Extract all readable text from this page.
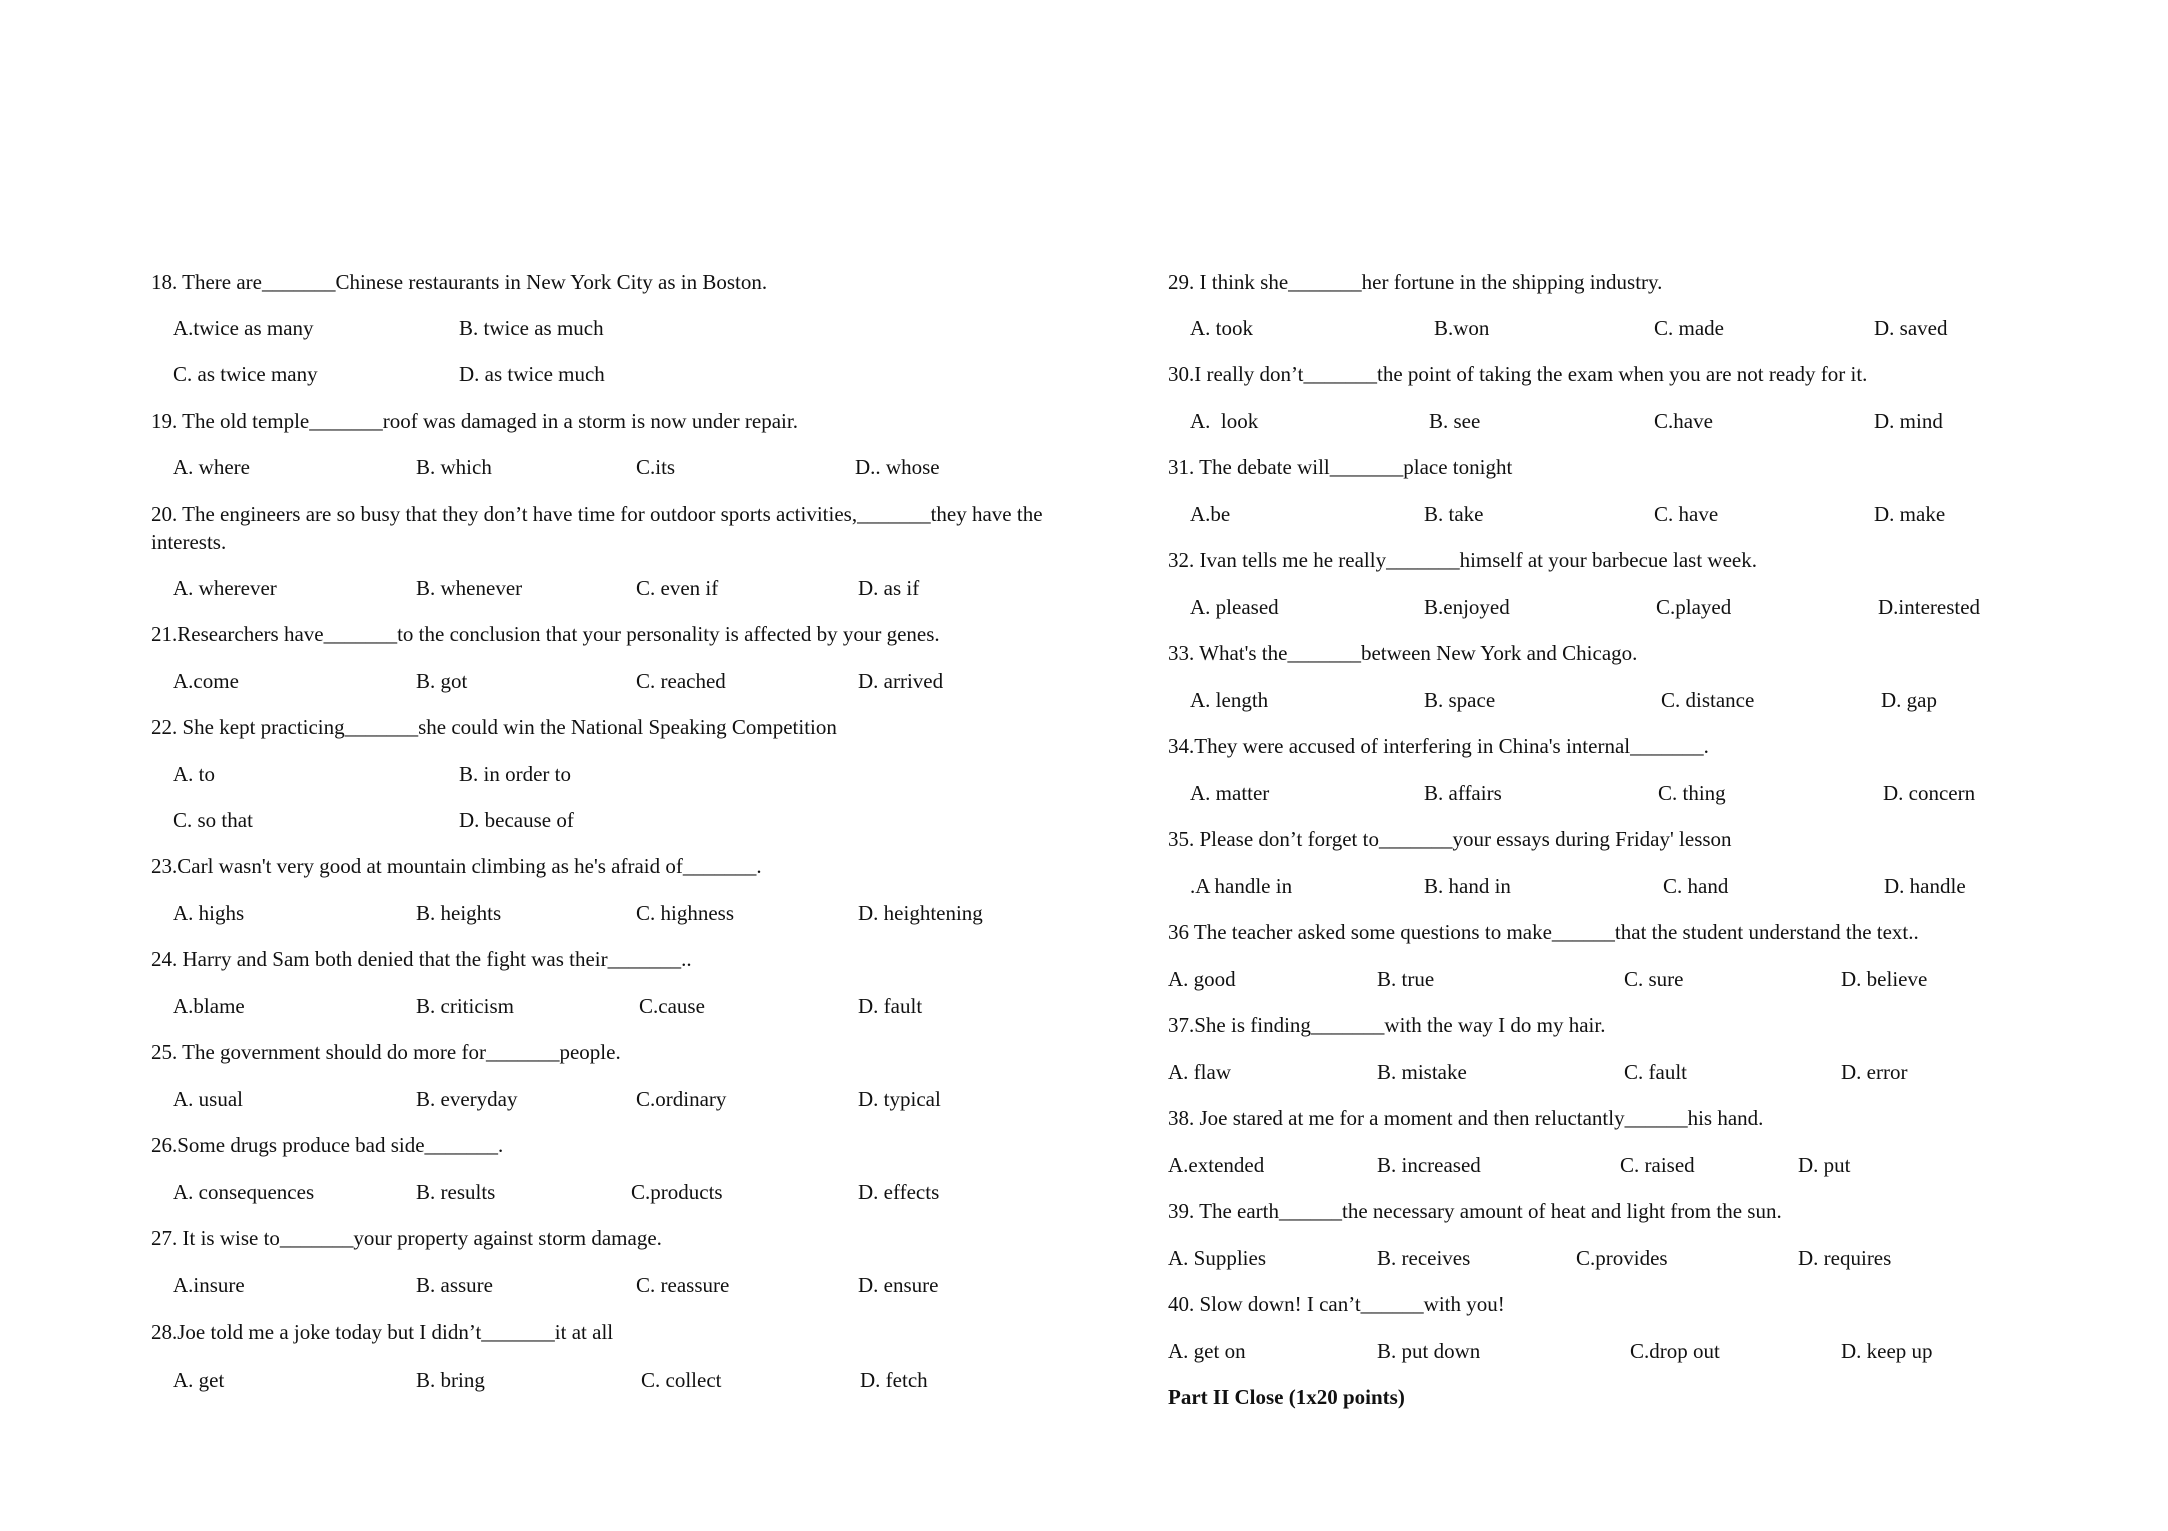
18. There are_______Chinese restaurants in New York City as in Boston.
A.twice as many	B. twice as much
C. as twice many	D. as twice much
19. The old temple_______roof was damaged in a storm is now under repair.
A. where	B. which	C.its	D.. whose
20. The engineers are so busy that they don’t have time for outdoor sports activities,_______they have the interests.
A. wherever	B. whenever	C. even if	D. as if
21.Researchers have_______to the conclusion that your personality is affected by your genes.
A.come	B. got	C. reached	D. arrived
22. She kept practicing_______she could win the National Speaking Competition
A. to	B. in order to
C. so that	D. because of
23.Carl wasn't very good at mountain climbing as he's afraid of_______.
A. highs	B. heights	C. highness	D. heightening
24. Harry and Sam both denied that the fight was their_______..
A.blame	B. criticism	C.cause	D. fault
25. The government should do more for_______people.
A. usual	B. everyday	C.ordinary	D. typical
26.Some drugs produce bad side_______.
A. consequences	B. results	C.products	D. effects
27. It is wise to_______your property against storm damage.
A.insure	B. assure	C. reassure	D. ensure
28.Joe told me a joke today but I didn’t_______it at all
A. get	B. bring	C. collect	D. fetch
29. I think she_______her fortune in the shipping industry.
A. took	B.won	C. made	D. saved
30.I really don’t_______the point of taking the exam when you are not ready for it.
A.  look	B. see	C.have	D. mind
31. The debate will_______place tonight
A.be	B. take	C. have	D. make
32. Ivan tells me he really_______himself at your barbecue last week.
A. pleased	B.enjoyed	C.played	D.interested
33. What's the_______between New York and Chicago.
A. length	B. space	C. distance	D. gap
34.They were accused of interfering in China's internal_______.
A. matter	B. affairs	C. thing	D. concern
35. Please don’t forget to_______your essays during Friday' lesson
.A handle in	B. hand in	C. hand	D. handle
36 The teacher asked some questions to make______that the student understand the text..
A. good	B. true	C. sure	D. believe
37.She is finding_______with the way I do my hair.
A. flaw	B. mistake	C. fault	D. error
38. Joe stared at me for a moment and then reluctantly______his hand.
A.extended	B. increased	C. raised	D. put
39. The earth______the necessary amount of heat and light from the sun.
A. Supplies	B. receives	C.provides	D. requires
40. Slow down! I can’t______with you!
A. get on	B. put down	C.drop out	D. keep up
Part II Close (1x20 points)
